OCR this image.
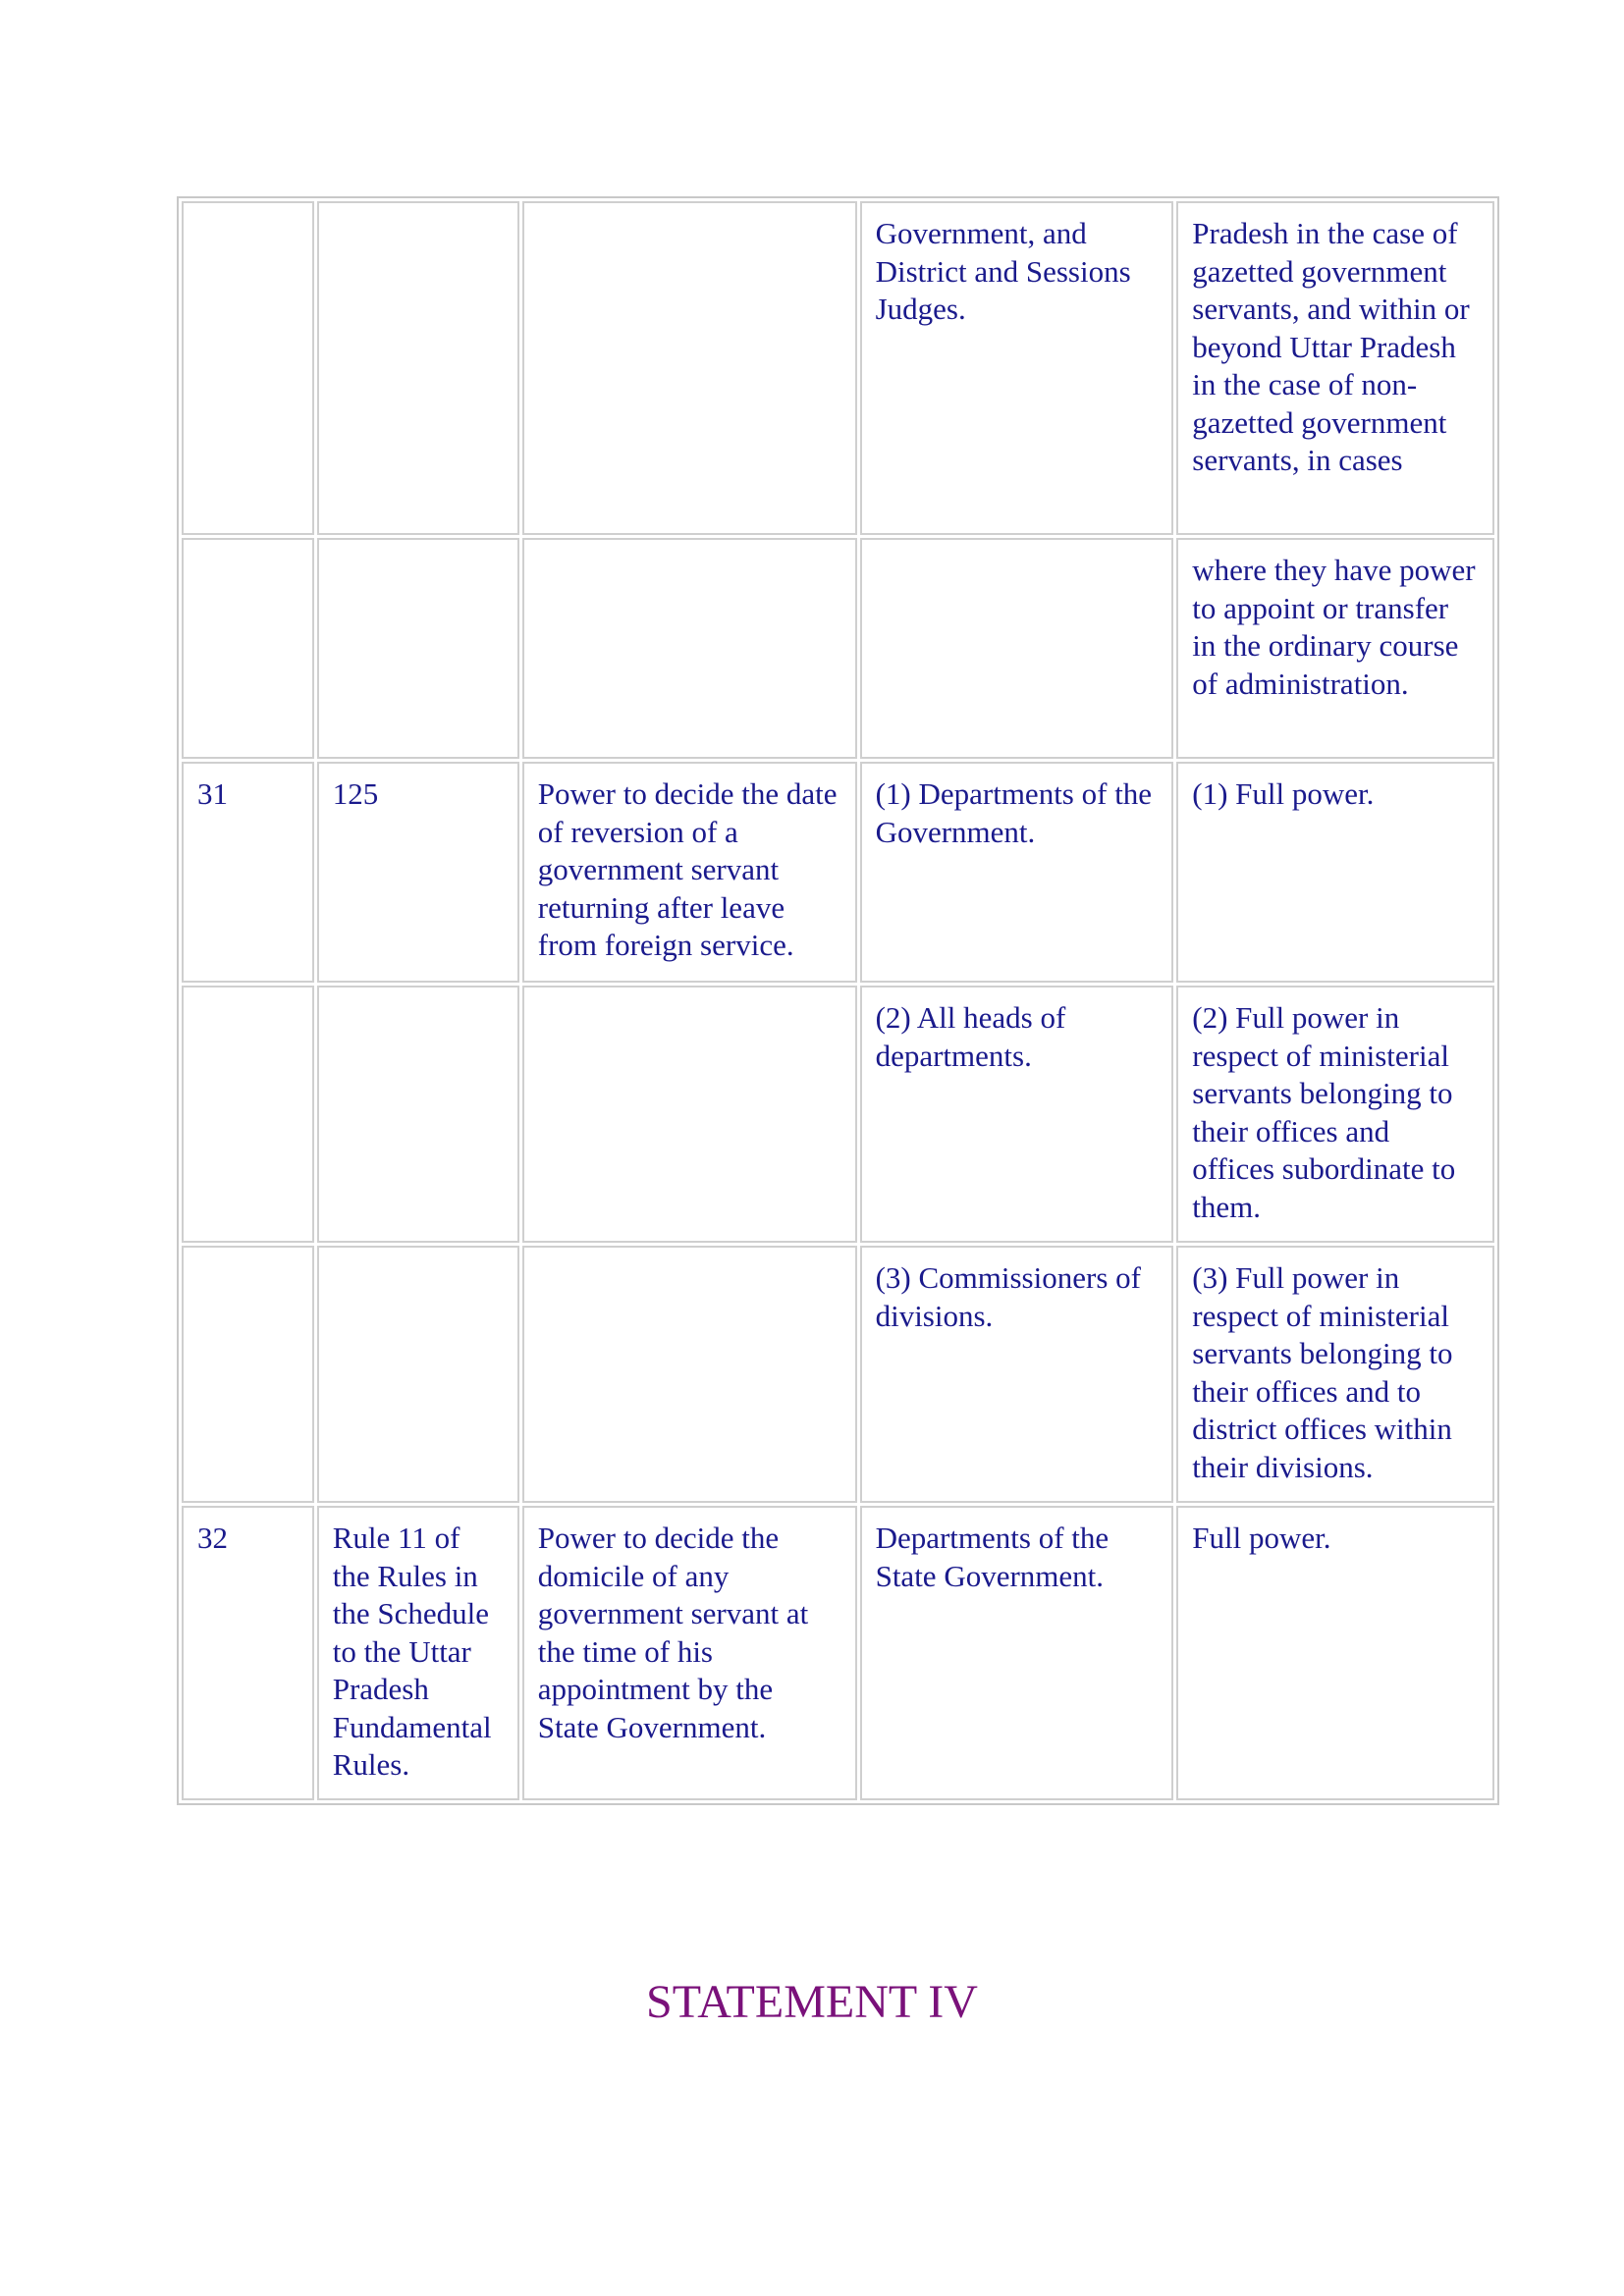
			Government, and District and Sessions Judges.	Pradesh in the case of gazetted government servants, and within or beyond Uttar Pradesh in the case of non-gazetted government servants, in cases
				where they have power to appoint or transfer in the ordinary course of administration.
31	125	Power to decide the date of reversion of a government servant returning after leave from foreign service.	(1) Departments of the Government.	(1) Full power.
			(2) All heads of departments.	(2) Full power in respect of ministerial servants belonging to their offices and offices subordinate to them.
			(3) Commissioners of divisions.	(3) Full power in respect of ministerial servants belonging to their offices and to district offices within their divisions.
32	Rule 11 of the Rules in the Schedule to the Uttar Pradesh Fundamental Rules.	Power to decide the domicile of any government servant at the time of his appointment by the State Government.	Departments of the State Government.	Full power.
STATEMENT IV
